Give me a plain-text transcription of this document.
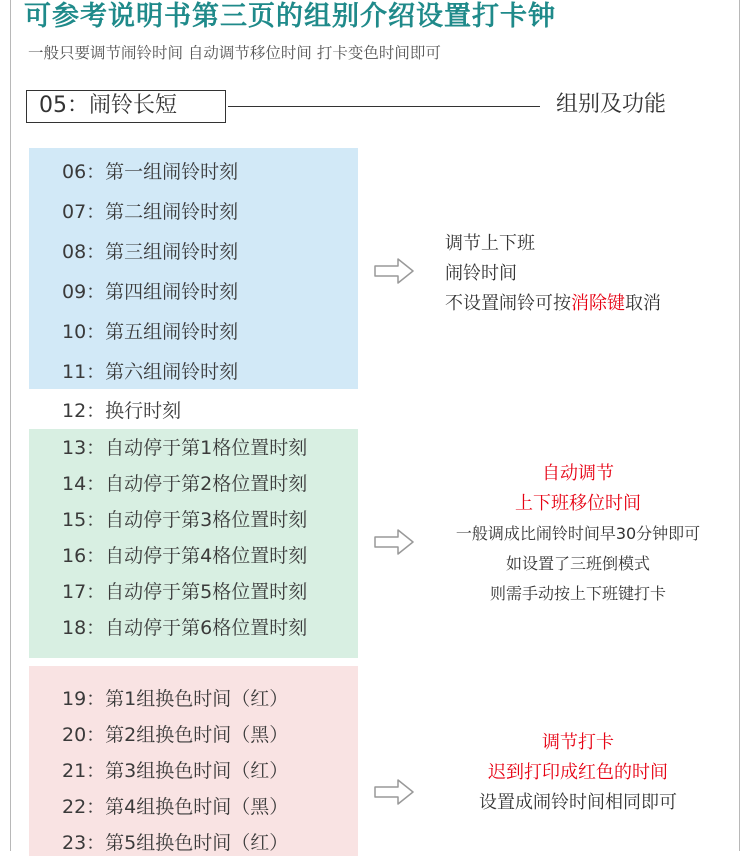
可参考说明书第三页的组别介绍设置打卡钟

一般只要调节闹铃时间 自动调节移位时间 打卡变色时间即可

05：闹铃长短	组别及功能
06：第一组闹铃时刻
07：第二组闹铃时刻
08：第三组闹铃时刻
09：第四组闹铃时刻
10：第五组闹铃时刻
11：第六组闹铃时刻
调节上下班
闹铃时间
不设置闹铃可按消除键取消
12：换行时刻
13：自动停于第1格位置时刻
14：自动停于第2格位置时刻
15：自动停于第3格位置时刻
16：自动停于第4格位置时刻
17：自动停于第5格位置时刻
18：自动停于第6格位置时刻
自动调节
上下班移位时间
一般调成比闹铃时间早30分钟即可
如设置了三班倒模式
则需手动按上下班键打卡
19：第1组换色时间（红）
20：第2组换色时间（黑）
21：第3组换色时间（红）
22：第4组换色时间（黑）
23：第5组换色时间（红）
调节打卡
迟到打印成红色的时间
设置成闹铃时间相同即可
